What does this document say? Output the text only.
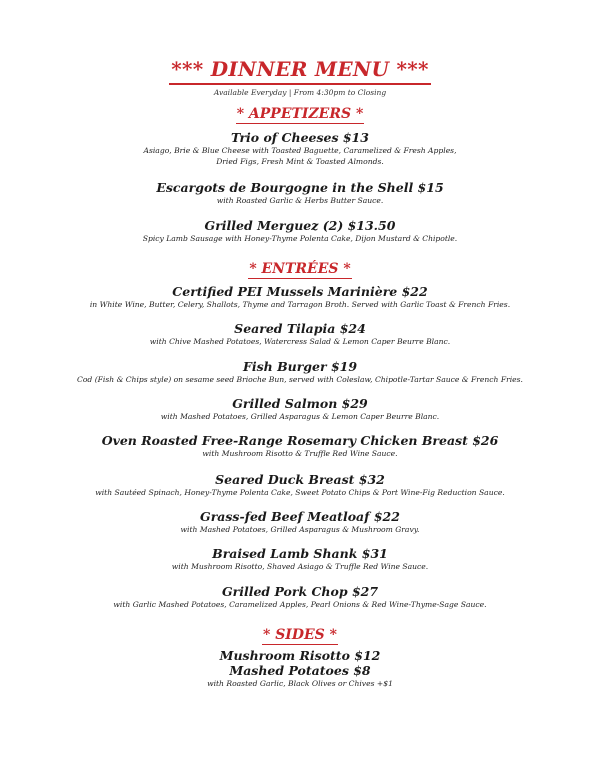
*** DINNER MENU ***
Available Everyday | From 4:30pm to Closing
* APPETIZERS *
Trio of Cheeses $13
Asiago, Brie & Blue Cheese with Toasted Baguette, Caramelized & Fresh Apples,
Dried Figs, Fresh Mint & Toasted Almonds.
Escargots de Bourgogne in the Shell $15
with Roasted Garlic & Herbs Butter Sauce.
Grilled Merguez (2) $13.50
Spicy Lamb Sausage with Honey-Thyme Polenta Cake, Dijon Mustard & Chipotle.
* ENTRÉES *
Certified PEI Mussels Marinière $22
in White Wine, Butter, Celery, Shallots, Thyme and Tarragon Broth. Served with Garlic Toast & French Fries.
Seared Tilapia $24
with Chive Mashed Potatoes, Watercress Salad & Lemon Caper Beurre Blanc.
Fish Burger $19
Cod (Fish & Chips style) on sesame seed Brioche Bun, served with Coleslaw, Chipotle-Tartar Sauce & French Fries.
Grilled Salmon $29
with Mashed Potatoes, Grilled Asparagus & Lemon Caper Beurre Blanc.
Oven Roasted Free-Range Rosemary Chicken Breast $26
with Mushroom Risotto & Truffle Red Wine Sauce.
Seared Duck Breast $32
with Sautéed Spinach, Honey-Thyme Polenta Cake, Sweet Potato Chips & Port Wine-Fig Reduction Sauce.
Grass-fed Beef Meatloaf $22
with Mashed Potatoes, Grilled Asparagus & Mushroom Gravy.
Braised Lamb Shank $31
with Mushroom Risotto, Shaved Asiago & Truffle Red Wine Sauce.
Grilled Pork Chop $27
with Garlic Mashed Potatoes, Caramelized Apples, Pearl Onions & Red Wine-Thyme-Sage Sauce.
* SIDES *
Mushroom Risotto $12
Mashed Potatoes $8
with Roasted Garlic, Black Olives or Chives +$1
